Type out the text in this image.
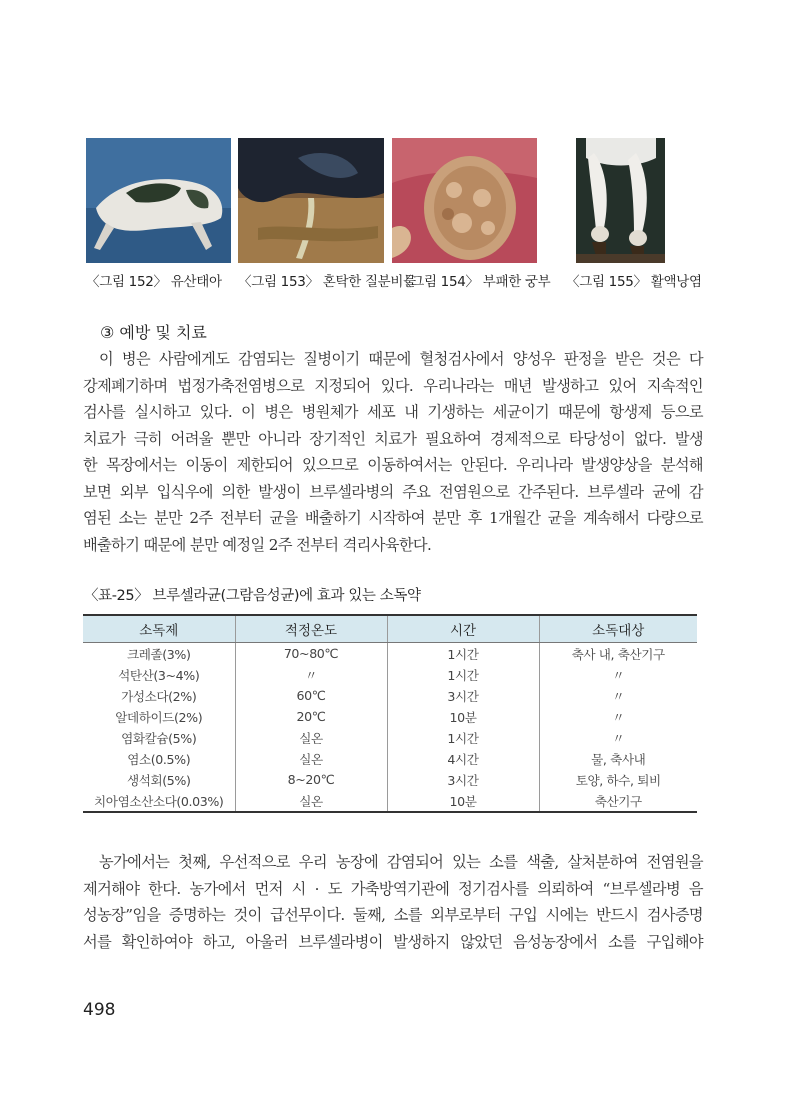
〈그림 152〉 유산태아 〈그림 153〉 혼탁한 질분비물
〈그림 154〉 부패한 궁부 〈그림 155〉 활액낭염
③ 예방 및 치료
이 병은 사람에게도 감염되는 질병이기 때문에 혈청검사에서 양성우 판정을 받은 것은 다
강제폐기하며 법정가축전염병으로 지정되어 있다. 우리나라는 매년 발생하고 있어 지속적인
검사를 실시하고 있다. 이 병은 병원체가 세포 내 기생하는 세균이기 때문에 항생제 등으로
치료가 극히 어려울 뿐만 아니라 장기적인 치료가 필요하여 경제적으로 타당성이 없다. 발생
한 목장에서는 이동이 제한되어 있으므로 이동하여서는 안된다. 우리나라 발생양상을 분석해
보면 외부 입식우에 의한 발생이 브루셀라병의 주요 전염원으로 간주된다. 브루셀라 균에 감
염된 소는 분만 2주 전부터 균을 배출하기 시작하여 분만 후 1개월간 균을 계속해서 다량으로
배출하기 때문에 분만 예정일 2주 전부터 격리사육한다.
〈표-25〉 브루셀라균(그람음성균)에 효과 있는 소독약
소독제	적정온도	시간	소독대상
크레졸(3%)	70~80℃	1시간	축사 내, 축산기구
석탄산(3~4%)	〃	1시간	〃
가성소다(2%)	60℃	3시간	〃
알데하이드(2%)	20℃	10분	〃
염화칼슘(5%)	실온	1시간	〃
염소(0.5%)	실온	4시간	물, 축사내
생석회(5%)	8~20℃	3시간	토양, 하수, 퇴비
치아염소산소다(0.03%)	실온	10분	축산기구
농가에서는 첫째, 우선적으로 우리 농장에 감염되어 있는 소를 색출, 살처분하여 전염원을
제거해야 한다. 농가에서 먼저 시 · 도 가축방역기관에 정기검사를 의뢰하여 “브루셀라병 음
성농장”임을 증명하는 것이 급선무이다. 둘째, 소를 외부로부터 구입 시에는 반드시 검사증명
서를 확인하여야 하고, 아울러 브루셀라병이 발생하지 않았던 음성농장에서 소를 구입해야
498
